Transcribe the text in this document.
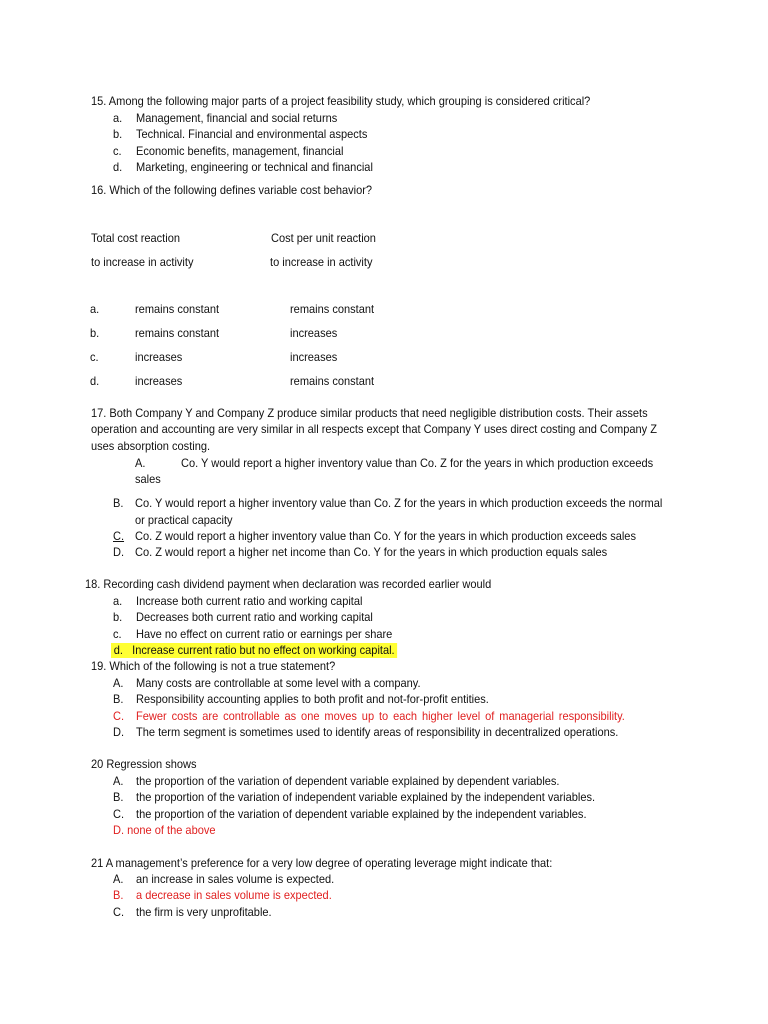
15. Among the following major parts of a project feasibility study, which grouping is considered critical?
a. Management, financial and social returns
b. Technical. Financial and environmental aspects
c. Economic benefits, management, financial
d. Marketing, engineering or technical and financial
16. Which of the following defines variable cost behavior?
Total cost reaction	Cost per unit reaction
to increase in activity	to increase in activity
a.	remains constant	remains constant
b.	remains constant	increases
c.	increases	increases
d.	increases	remains constant
17. Both Company Y and Company Z produce similar products that need negligible distribution costs. Their assets
operation and accounting are very similar in all respects except that Company Y uses direct costing and Company Z
uses absorption costing.
A.	Co. Y would report a higher inventory value than Co. Z for the years in which production exceeds
sales
B. Co. Y would report a higher inventory value than Co. Z for the years in which production exceeds the normal
or practical capacity
C. Co. Z would report a higher inventory value than Co. Y for the years in which production exceeds sales
D. Co. Z would report a higher net income than Co. Y for the years in which production equals sales
18. Recording cash dividend payment when declaration was recorded earlier would
a. Increase both current ratio and working capital
b. Decreases both current ratio and working capital
c. Have no effect on current ratio or earnings per share
d. Increase current ratio but no effect on working capital.
19. Which of the following is not a true statement?
A. Many costs are controllable at some level with a company.
B. Responsibility accounting applies to both profit and not-for-profit entities.
C. Fewer costs are controllable as one moves up to each higher level of managerial responsibility.
D. The term segment is sometimes used to identify areas of responsibility in decentralized operations.
20 Regression shows
A. the proportion of the variation of dependent variable explained by dependent variables.
B. the proportion of the variation of independent variable explained by the independent variables.
C. the proportion of the variation of dependent variable explained by the independent variables.
D. none of the above
21 A management’s preference for a very low degree of operating leverage might indicate that:
A. an increase in sales volume is expected.
B. a decrease in sales volume is expected.
C. the firm is very unprofitable.
